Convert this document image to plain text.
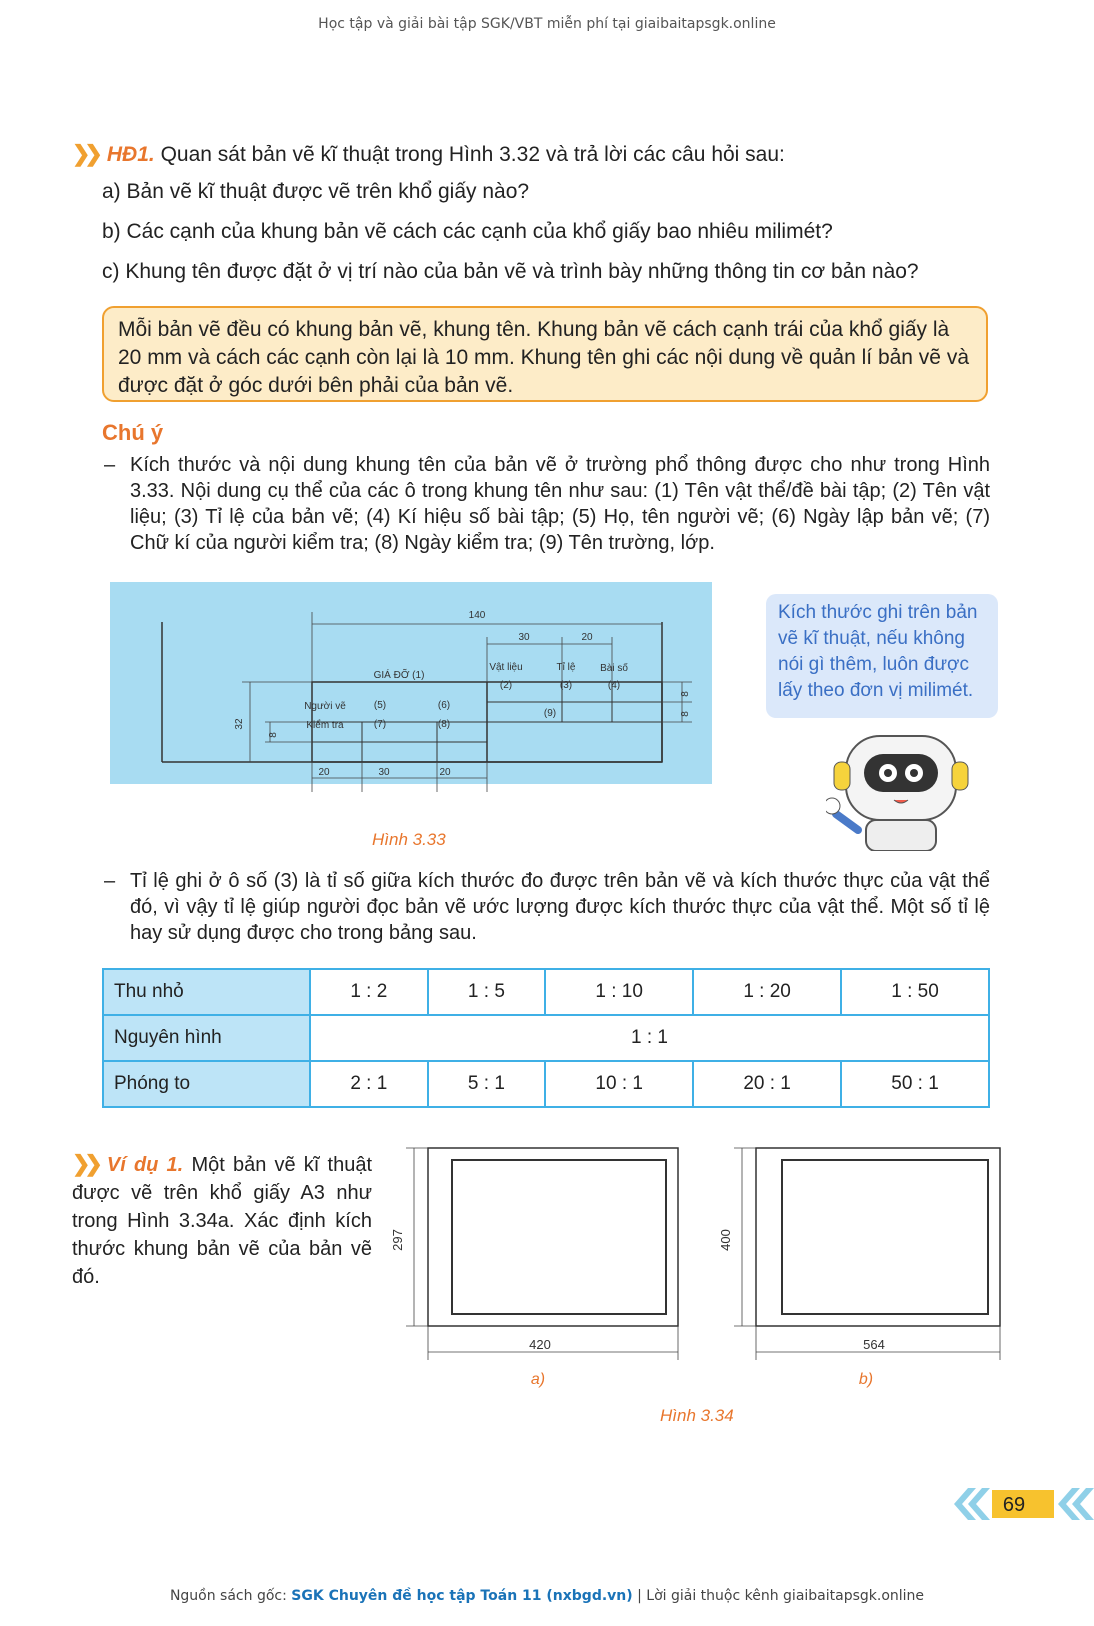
Học tập và giải bài tập SGK/VBT miễn phí tại giaibaitapsgk.online
❯❯ HĐ1. Quan sát bản vẽ kĩ thuật trong Hình 3.32 và trả lời các câu hỏi sau:
a) Bản vẽ kĩ thuật được vẽ trên khổ giấy nào?
b) Các cạnh của khung bản vẽ cách các cạnh của khổ giấy bao nhiêu milimét?
c) Khung tên được đặt ở vị trí nào của bản vẽ và trình bày những thông tin cơ bản nào?
Mỗi bản vẽ đều có khung bản vẽ, khung tên. Khung bản vẽ cách cạnh trái của khổ giấy là 20 mm và cách các cạnh còn lại là 10 mm. Khung tên ghi các nội dung về quản lí bản vẽ và được đặt ở góc dưới bên phải của bản vẽ.
Chú ý
– Kích thước và nội dung khung tên của bản vẽ ở trường phổ thông được cho như trong Hình 3.33. Nội dung cụ thể của các ô trong khung tên như sau: (1) Tên vật thể/đề bài tập; (2) Tên vật liệu; (3) Tỉ lệ của bản vẽ; (4) Kí hiệu số bài tập; (5) Họ, tên người vẽ; (6) Ngày lập bản vẽ; (7) Chữ kí của người kiểm tra; (8) Ngày kiểm tra; (9) Tên trường, lớp.
140
30	20
32
8
8
8
20	30	20
GIÁ ĐỠ (1)
Vật liệu	Tỉ lệ Bài số
(2)	(3)	(4)
Người vẽ
Kiểm tra
(5)	(6)
(7)	(8)
(9)
Hình 3.33
Kích thước ghi trên bản vẽ kĩ thuật, nếu không nói gì thêm, luôn được lấy theo đơn vị milimét.
– Tỉ lệ ghi ở ô số (3) là tỉ số giữa kích thước đo được trên bản vẽ và kích thước thực của vật thể đó, vì vậy tỉ lệ giúp người đọc bản vẽ ước lượng được kích thước thực của vật thể. Một số tỉ lệ hay sử dụng được cho trong bảng sau.
Thu nhỏ	1 : 2	1 : 5	1 : 10	1 : 20	1 : 50
Nguyên hình	1 : 1				
Phóng to	2 : 1	5 : 1	10 : 1	20 : 1	50 : 1
❯❯ Ví dụ 1. Một bản vẽ kĩ thuật được vẽ trên khổ giấy A3 như trong Hình 3.34a. Xác định kích thước khung bản vẽ của bản vẽ đó.
420
297
564
400
a)	b)
Hình 3.34
69
Nguồn sách gốc: SGK Chuyên đề học tập Toán 11 (nxbgd.vn) | Lời giải thuộc kênh giaibaitapsgk.online
